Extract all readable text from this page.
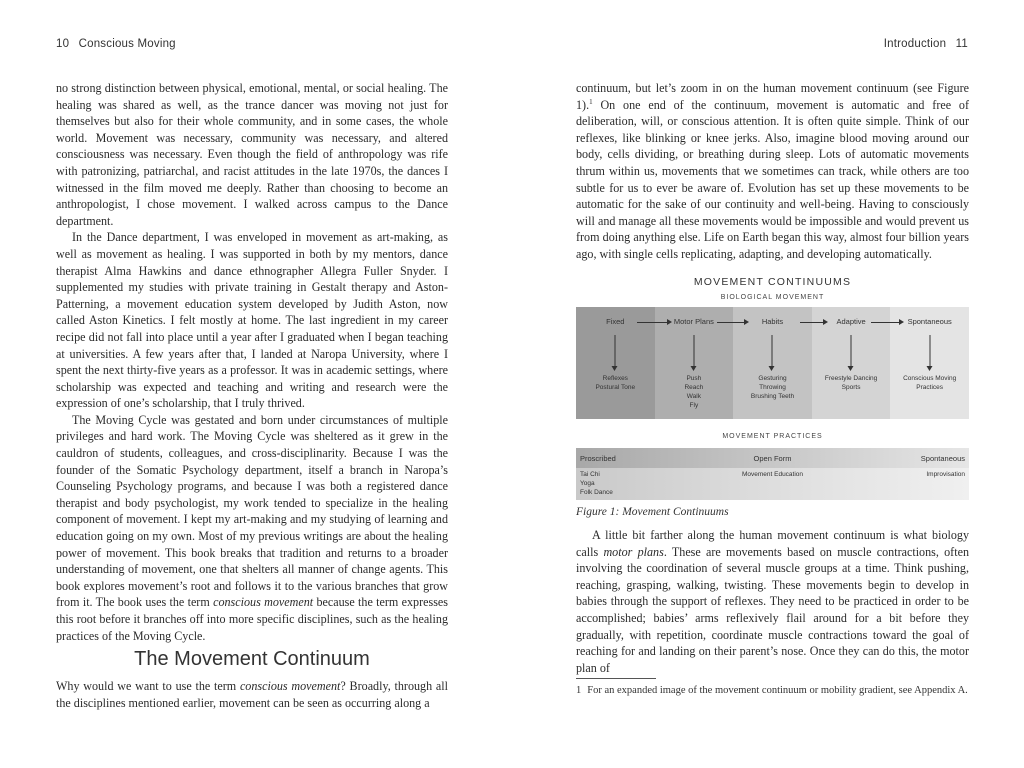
10 Conscious Moving	Introduction 11

no strong distinction between physical, emotional, mental, or social healing. The healing was shared as well, as the trance dancer was moving not just for themselves but also for their whole community, and in some cases, the whole world. Movement was necessary, community was necessary, and altered consciousness was necessary. Even though the field of anthropology was rife with patronizing, patriarchal, and racist attitudes in the late 1970s, the dances I witnessed in the film moved me deeply. Rather than choosing to become an anthropologist, I chose movement. I walked across campus to the Dance department.

In the Dance department, I was enveloped in movement as art-making, as well as movement as healing. I was supported in both by my mentors, dance therapist Alma Hawkins and dance ethnographer Allegra Fuller Snyder. I supplemented my studies with private training in Gestalt therapy and Aston-Patterning, a movement education system developed by Judith Aston, now called Aston Kinetics. I felt mostly at home. The last ingredient in my career recipe did not fall into place until a year after I graduated when I began teaching at universities. A few years after that, I landed at Naropa University, where I spent the next thirty-five years as a professor. It was in academic settings, where scholarship was expected and teaching and writing and research were the expression of one’s scholarship, that I truly thrived.

The Moving Cycle was gestated and born under circumstances of multiple privileges and hard work. The Moving Cycle was sheltered as it grew in the cauldron of students, colleagues, and cross-disciplinarity. Because I was the founder of the Somatic Psychology department, itself a branch in Naropa’s Counseling Psychology programs, and because I was both a registered dance therapist and body psychologist, my work tended to specialize in the healing component of movement. I kept my art-making and my studying of learning and education going on my own. Most of my previous writings are about the healing power of movement. This book breaks that tradition and returns to a broader understanding of movement, one that shelters all manner of change agents. This book explores movement’s root and follows it to the various branches that grow from it. The book uses the term conscious movement because the term expresses this root before it branches off into more specific disciplines, such as the healing practices of the Moving Cycle.

The Movement Continuum

Why would we want to use the term conscious movement? Broadly, through all the disciplines mentioned earlier, movement can be seen as occurring along a

continuum, but let’s zoom in on the human movement continuum (see Figure 1).$^1$ On one end of the continuum, movement is automatic and free of deliberation, will, or conscious attention. It is often quite simple. Think of our reflexes, like blinking or knee jerks. Also, imagine blood moving around our body, cells dividing, or breathing during sleep. Lots of automatic movements thrum within us, movements that we sometimes can track, while others are too subtle for us to ever be aware of. Evolution has set up these movements to be automatic for the sake of our continuity and well-being. Having to consciously will and manage all these movements would be impossible and would prevent us from doing anything else. Life on Earth began this way, almost four billion years ago, with single cells replicating, adapting, and developing automatically.

MOVEMENT CONTINUUMS
BIOLOGICAL MOVEMENT
Fixed
Reflexes
Postural Tone
Motor Plans
Push
Reach
Walk
Fly
Habits
Gesturing
Throwing
Brushing Teeth
Adaptive
Freestyle Dancing
Sports
Spontaneous
Conscious Moving
Practices
MOVEMENT PRACTICES
Proscribed
Tai Chi
Yoga
Folk Dance
Open Form
Movement Education
Spontaneous
Improvisation
Figure 1: Movement Continuums

A little bit farther along the human movement continuum is what biology calls motor plans. These are movements based on muscle contractions, often involving the coordination of several muscle groups at a time. Think pushing, reaching, grasping, walking, twisting. These movements begin to develop in babies through the support of reflexes. They need to be practiced in order to be accomplished; babies’ arms reflexively flail around for a bit before they gradually, with repetition, coordinate muscle contractions toward the goal of reaching for and landing on their parent’s nose. Once they can do this, the motor plan of

1 For an expanded image of the movement continuum or mobility gradient, see Appendix A.
